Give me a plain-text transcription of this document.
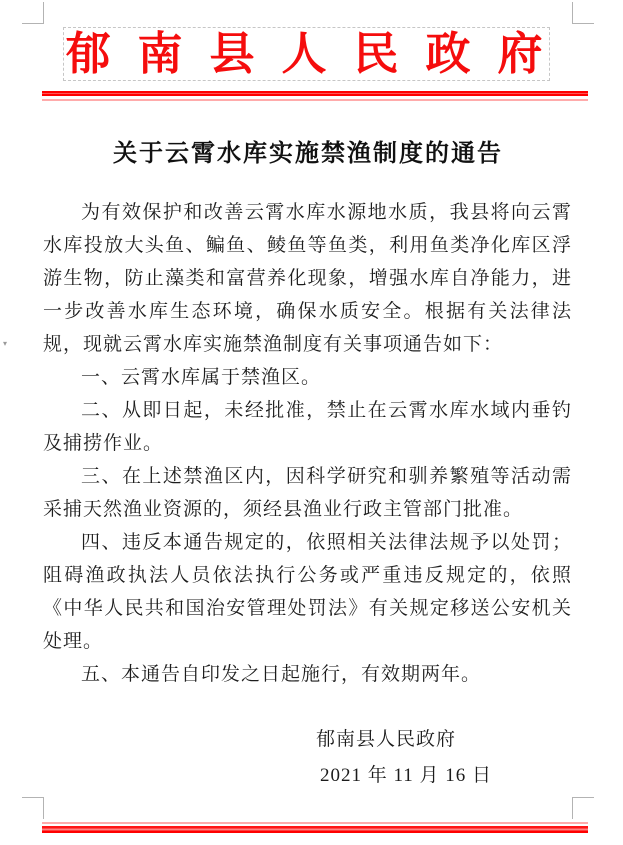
郁南县人民政府
关于云霄水库实施禁渔制度的通告

为有效保护和改善云霄水库水源地水质，我县将向云霄水库投放大头鱼、鳊鱼、鲮鱼等鱼类，利用鱼类净化库区浮游生物，防止藻类和富营养化现象，增强水库自净能力，进一步改善水库生态环境，确保水质安全。根据有关法律法规，现就云霄水库实施禁渔制度有关事项通告如下：

一、云霄水库属于禁渔区。

二、从即日起，未经批准，禁止在云霄水库水域内垂钓及捕捞作业。

三、在上述禁渔区内，因科学研究和驯养繁殖等活动需采捕天然渔业资源的，须经县渔业行政主管部门批准。

四、违反本通告规定的，依照相关法律法规予以处罚；阻碍渔政执法人员依法执行公务或严重违反规定的，依照《中华人民共和国治安管理处罚法》有关规定移送公安机关处理。

五、本通告自印发之日起施行，有效期两年。

郁南县人民政府
2021 年 11 月 16 日
▾
